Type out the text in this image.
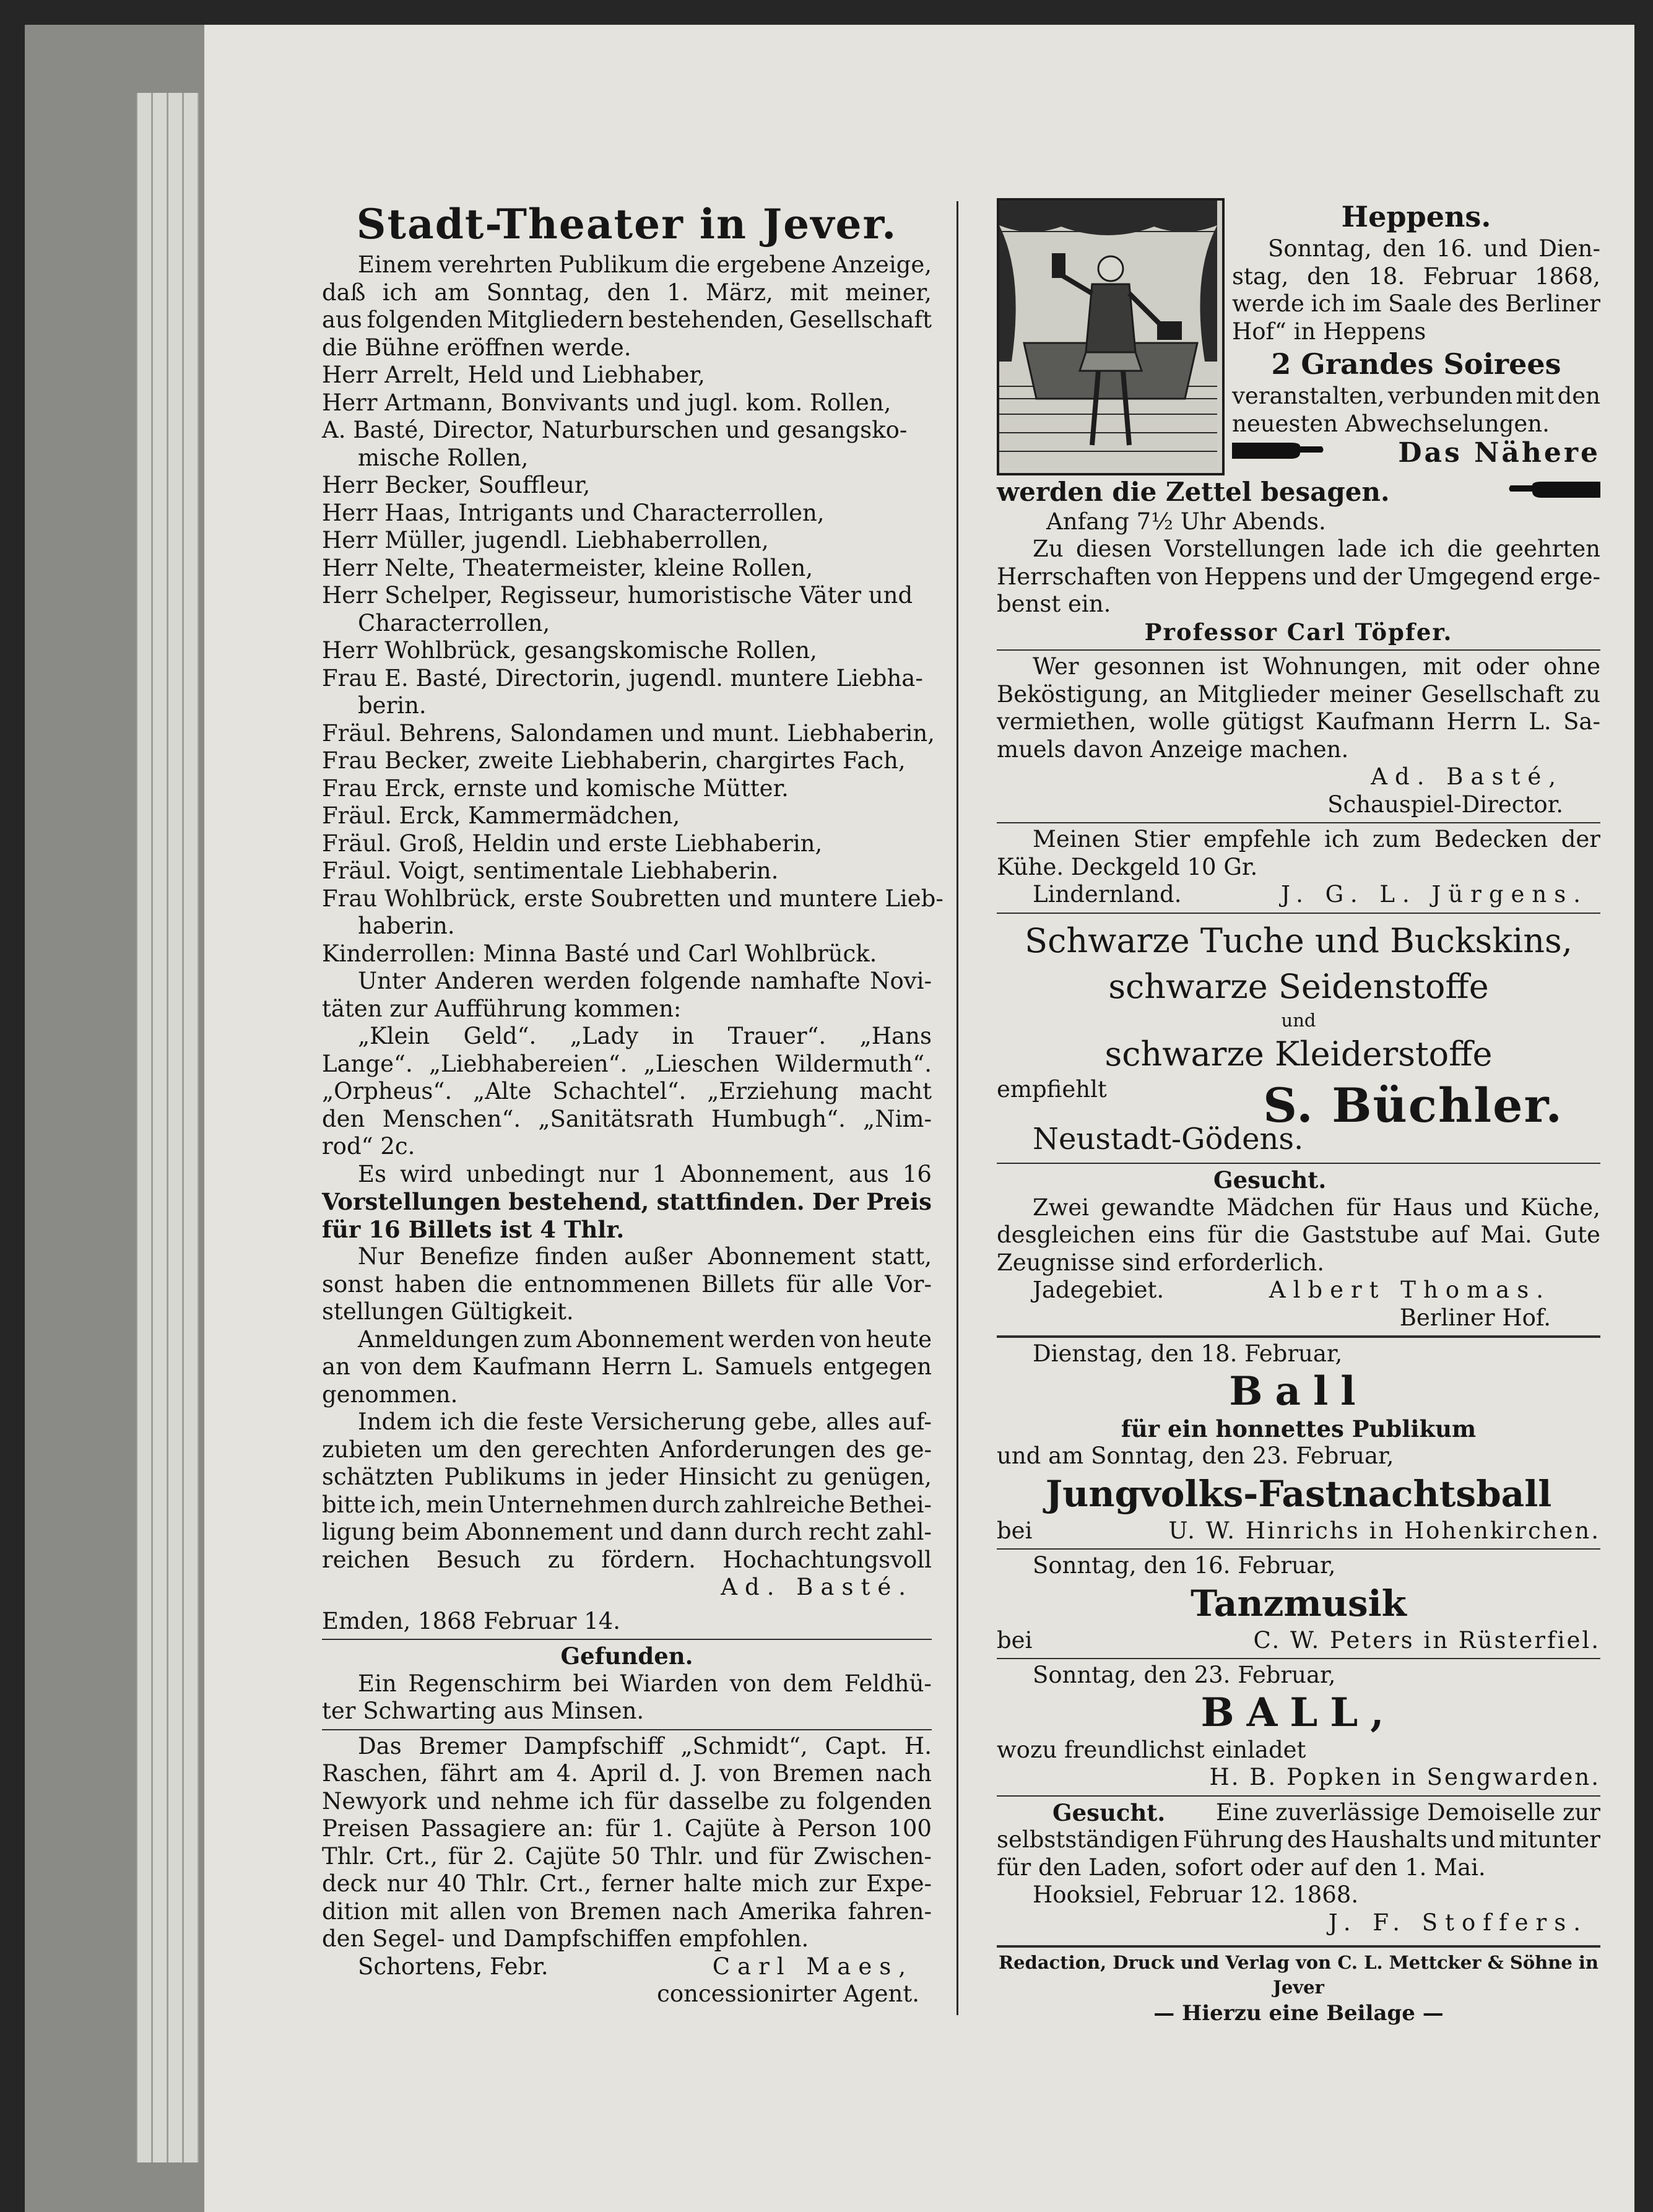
Stadt-Theater in Jever.
Einem verehrten Publikum die ergebene Anzeige,
daß ich am Sonntag, den 1. März, mit meiner,
aus folgenden Mitgliedern bestehenden, Gesellschaft
die Bühne eröffnen werde.
Herr Arrelt, Held und Liebhaber,
Herr Artmann, Bonvivants und jugl. kom. Rollen,
A. Basté, Director, Naturburschen und gesangsko-
mische Rollen,
Herr Becker, Souffleur,
Herr Haas, Intrigants und Characterrollen,
Herr Müller, jugendl. Liebhaberrollen,
Herr Nelte, Theatermeister, kleine Rollen,
Herr Schelper, Regisseur, humoristische Väter und
Characterrollen,
Herr Wohlbrück, gesangskomische Rollen,
Frau E. Basté, Directorin, jugendl. muntere Liebha-
berin.
Fräul. Behrens, Salondamen und munt. Liebhaberin,
Frau Becker, zweite Liebhaberin, chargirtes Fach,
Frau Erck, ernste und komische Mütter.
Fräul. Erck, Kammermädchen,
Fräul. Groß, Heldin und erste Liebhaberin,
Fräul. Voigt, sentimentale Liebhaberin.
Frau Wohlbrück, erste Soubretten und muntere Lieb-
haberin.
Kinderrollen: Minna Basté und Carl Wohlbrück.
Unter Anderen werden folgende namhafte Novi-
täten zur Aufführung kommen:
„Klein Geld“. „Lady in Trauer“. „Hans
Lange“. „Liebhabereien“. „Lieschen Wildermuth“.
„Orpheus“. „Alte Schachtel“. „Erziehung macht
den Menschen“. „Sanitätsrath Humbugh“. „Nim-
rod“ 2c.
Es wird unbedingt nur 1 Abonnement, aus 16
Vorstellungen bestehend, stattfinden. Der Preis
für 16 Billets ist 4 Thlr.
Nur Benefize finden außer Abonnement statt,
sonst haben die entnommenen Billets für alle Vor-
stellungen Gültigkeit.
Anmeldungen zum Abonnement werden von heute
an von dem Kaufmann Herrn L. Samuels entgegen
genommen.
Indem ich die feste Versicherung gebe, alles auf-
zubieten um den gerechten Anforderungen des ge-
schätzten Publikums in jeder Hinsicht zu genügen,
bitte ich, mein Unternehmen durch zahlreiche Bethei-
ligung beim Abonnement und dann durch recht zahl-
reichen Besuch zu fördern. Hochachtungsvoll
Ad. Basté.
Emden, 1868 Februar 14.
Gefunden.
Ein Regenschirm bei Wiarden von dem Feldhü-
ter Schwarting aus Minsen.
Das Bremer Dampfschiff „Schmidt“, Capt. H.
Raschen, fährt am 4. April d. J. von Bremen nach
Newyork und nehme ich für dasselbe zu folgenden
Preisen Passagiere an: für 1. Cajüte à Person 100
Thlr. Crt., für 2. Cajüte 50 Thlr. und für Zwischen-
deck nur 40 Thlr. Crt., ferner halte mich zur Expe-
dition mit allen von Bremen nach Amerika fahren-
den Segel- und Dampfschiffen empfohlen.
Schortens, Febr.	Carl Maes,
concessionirter Agent.
Heppens.
Sonntag, den 16. und Dien-
stag, den 18. Februar 1868,
werde ich im Saale des Berliner
Hof“ in Heppens
2 Grandes Soirees
veranstalten, verbunden mit den
neuesten Abwechselungen.
Das Nähere
werden die Zettel besagen.
Anfang 7½ Uhr Abends.
Zu diesen Vorstellungen lade ich die geehrten
Herrschaften von Heppens und der Umgegend erge-
benst ein.
Professor Carl Töpfer.
Wer gesonnen ist Wohnungen, mit oder ohne
Beköstigung, an Mitglieder meiner Gesellschaft zu
vermiethen, wolle gütigst Kaufmann Herrn L. Sa-
muels davon Anzeige machen.
Ad. Basté,
Schauspiel-Director.
Meinen Stier empfehle ich zum Bedecken der
Kühe. Deckgeld 10 Gr.
Lindernland.	J. G. L. Jürgens.
Schwarze Tuche und Buckskins,
schwarze Seidenstoffe
und
schwarze Kleiderstoffe
empfiehlt	S. Büchler.
Neustadt-Gödens.
Gesucht.
Zwei gewandte Mädchen für Haus und Küche,
desgleichen eins für die Gaststube auf Mai. Gute
Zeugnisse sind erforderlich.
Jadegebiet.	Albert Thomas.
Berliner Hof.
Dienstag, den 18. Februar,
Ball
für ein honnettes Publikum
und am Sonntag, den 23. Februar,
Jungvolks-Fastnachtsball
bei	U. W. Hinrichs in Hohenkirchen.
Sonntag, den 16. Februar,
Tanzmusik
bei	C. W. Peters in Rüsterfiel.
Sonntag, den 23. Februar,
BALL,
wozu freundlichst einladet
H. B. Popken in Sengwarden.
Gesucht. Eine zuverlässige Demoiselle zur
selbstständigen Führung des Haushalts und mitunter
für den Laden, sofort oder auf den 1. Mai.
Hooksiel, Februar 12. 1868.
J. F. Stoffers.
Redaction, Druck und Verlag von C. L. Mettcker & Söhne in Jever
— Hierzu eine Beilage —
